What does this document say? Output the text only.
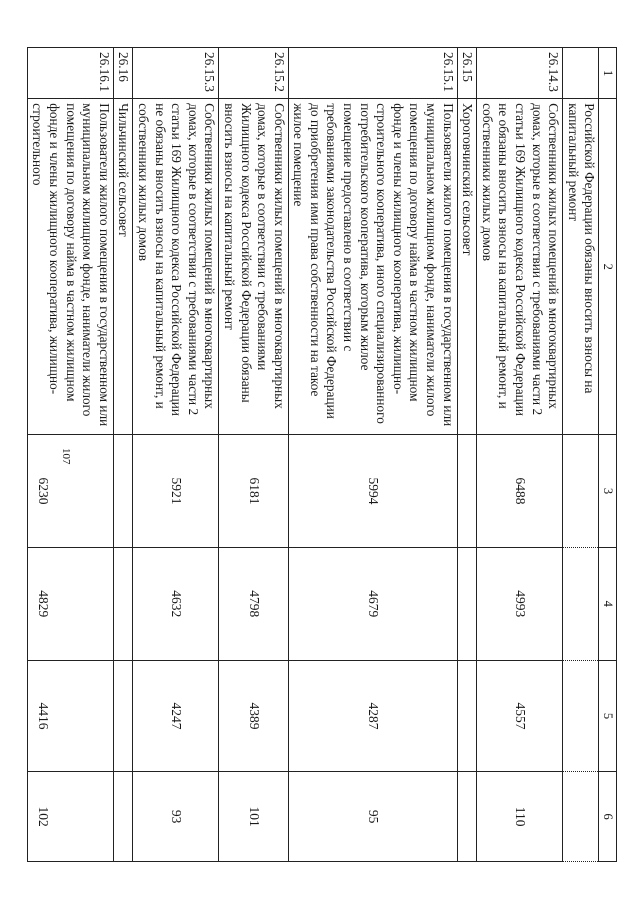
107
1	2	3	4	5	6
	Российской Федерации обязаны вносить взносы на капитальный ремонт				
26.14.3	Собственники жилых помещений в многоквартирных домах, которые в соответствии с требованиями части 2 статьи 169 Жилищного кодекса Российской Федерации не обязаны вносить взносы на капитальный ремонт, и собственники жилых домов	6488	4993	4557	110
26.15	Хороговчинский сельсовет				
26.15.1	Пользователи жилого помещения в государственном или муниципальном жилищном фонде, наниматели жилого помещения по договору найма в частном жилищном фонде и члены жилищного кооператива, жилищно-строительного кооператива, иного специализированного потребительского кооператива, которым жилое помещение предоставлено в соответствии с требованиями законодательства Российской Федерации до приобретения ими права собственности на такое жилое помещение	5994	4679	4287	95
26.15.2	Собственники жилых помещений в многоквартирных домах, которые в соответствии с требованиями Жилищного кодекса Российской Федерации обязаны вносить взносы на капитальный ремонт	6181	4798	4389	101
26.15.3	Собственники жилых помещений в многоквартирных домах, которые в соответствии с требованиями части 2 статьи 169 Жилищного кодекса Российской Федерации не обязаны вносить взносы на капитальный ремонт, и собственники жилых домов	5921	4632	4247	93
26.16	Чильчинский сельсовет				
26.16.1	Пользователи жилого помещения в государственном или муниципальном жилищном фонде, наниматели жилого помещения по договору найма в частном жилищном фонде и члены жилищного кооператива, жилищно-строительного	6230	4829	4416	102
